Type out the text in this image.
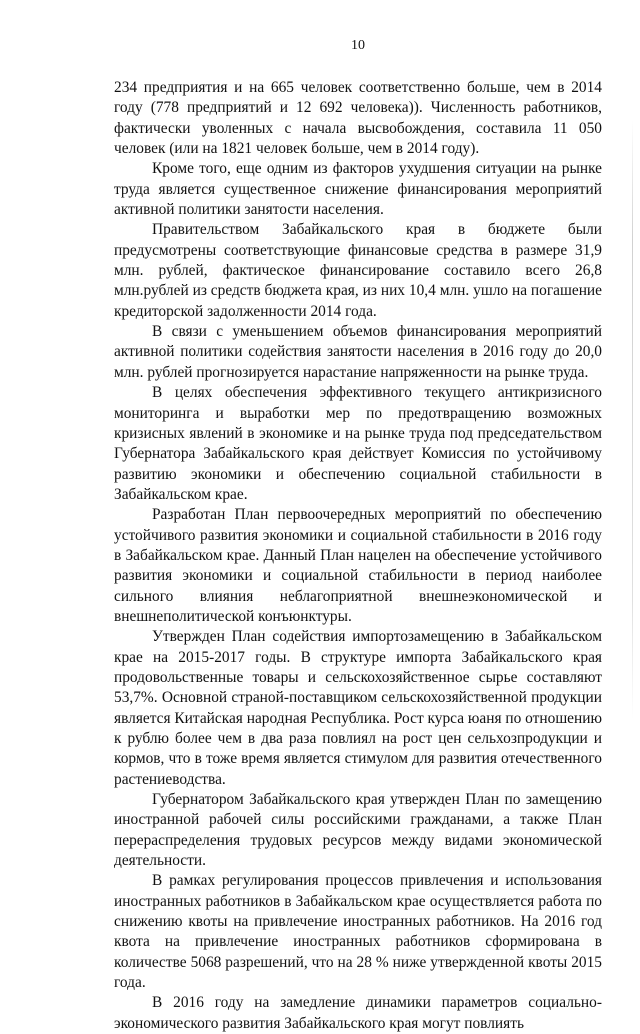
10

234 предприятия и на 665 человек соответственно больше, чем в 2014 году (778 предприятий и 12 692 человека)). Численность работников, фактически уволенных с начала высвобождения, составила 11 050 человек (или на 1821 человек больше, чем в 2014 году).

Кроме того, еще одним из факторов ухудшения ситуации на рынке труда является существенное снижение финансирования мероприятий активной политики занятости населения.

Правительством Забайкальского края в бюджете были предусмотрены соответствующие финансовые средства в размере 31,9 млн. рублей, фактическое финансирование составило всего 26,8 млн.рублей из средств бюджета края, из них 10,4 млн. ушло на погашение кредиторской задолженности 2014 года.

В связи с уменьшением объемов финансирования мероприятий активной политики содействия занятости населения в 2016 году до 20,0 млн. рублей прогнозируется нарастание напряженности на рынке труда.

В целях обеспечения эффективного текущего антикризисного мониторинга и выработки мер по предотвращению возможных кризисных явлений в экономике и на рынке труда под председательством Губернатора Забайкальского края действует Комиссия по устойчивому развитию экономики и обеспечению социальной стабильности в Забайкальском крае.

Разработан План первоочередных мероприятий по обеспечению устойчивого развития экономики и социальной стабильности в 2016 году в Забайкальском крае. Данный План нацелен на обеспечение устойчивого развития экономики и социальной стабильности в период наиболее сильного влияния неблагоприятной внешнеэкономической и внешнеполитической конъюнктуры.

Утвержден План содействия импортозамещению в Забайкальском крае на 2015-2017 годы. В структуре импорта Забайкальского края продовольственные товары и сельскохозяйственное сырье составляют 53,7%. Основной страной-поставщиком сельскохозяйственной продукции является Китайская народная Республика. Рост курса юаня по отношению к рублю более чем в два раза повлиял на рост цен сельхозпродукции и кормов, что в тоже время является стимулом для развития отечественного растениеводства.

Губернатором Забайкальского края утвержден План по замещению иностранной рабочей силы российскими гражданами, а также План перераспределения трудовых ресурсов между видами экономической деятельности.

В рамках регулирования процессов привлечения и использования иностранных работников в Забайкальском крае осуществляется работа по снижению квоты на привлечение иностранных работников. На 2016 год квота на привлечение иностранных работников сформирована в количестве 5068 разрешений, что на 28 % ниже утвержденной квоты 2015 года.

В 2016 году на замедление динамики параметров социально-экономического развития Забайкальского края могут повлиять
